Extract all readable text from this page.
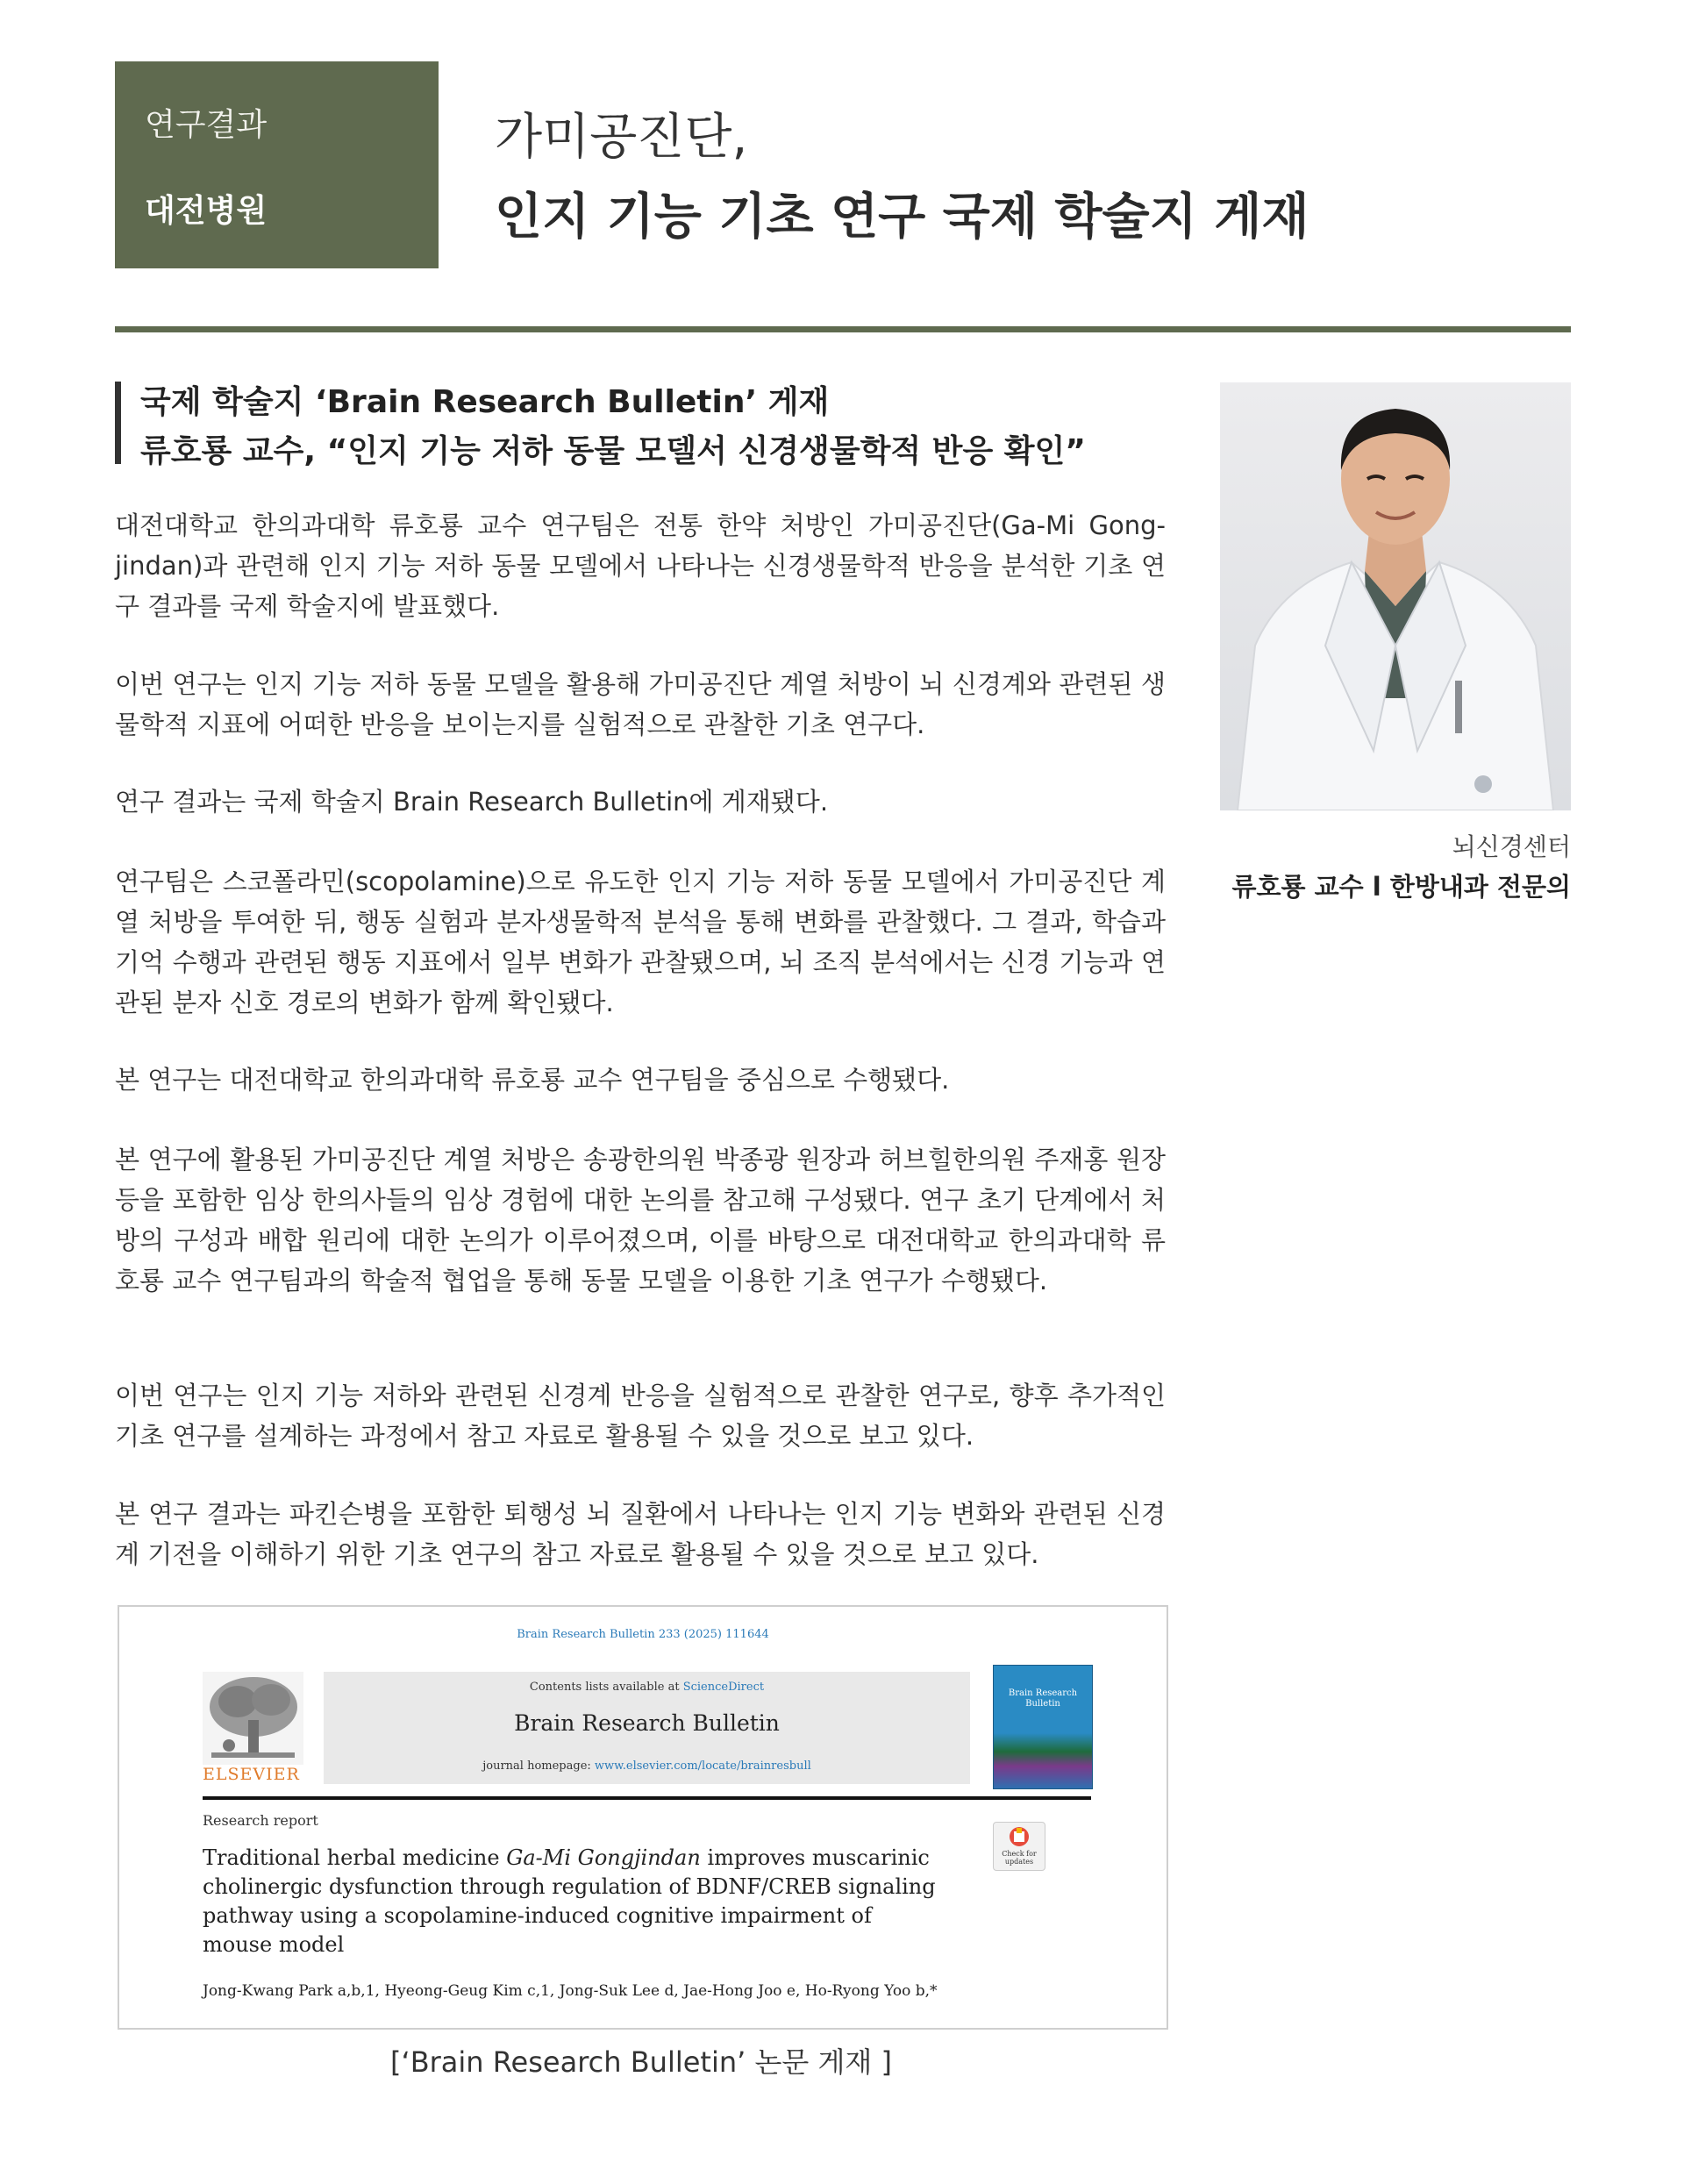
연구결과
대전병원
가미공진단,
인지 기능 기초 연구 국제 학술지 게재
국제 학술지 ‘Brain Research Bulletin’ 게재
류호룡 교수, “인지 기능 저하 동물 모델서 신경생물학적 반응 확인”
대전대학교 한의과대학 류호룡 교수 연구팀은 전통 한약 처방인 가미공진단(Ga-Mi Gong-jindan)과 관련해 인지 기능 저하 동물 모델에서 나타나는 신경생물학적 반응을 분석한 기초 연구 결과를 국제 학술지에 발표했다.
이번 연구는 인지 기능 저하 동물 모델을 활용해 가미공진단 계열 처방이 뇌 신경계와 관련된 생물학적 지표에 어떠한 반응을 보이는지를 실험적으로 관찰한 기초 연구다.
연구 결과는 국제 학술지 Brain Research Bulletin에 게재됐다.
연구팀은 스코폴라민(scopolamine)으로 유도한 인지 기능 저하 동물 모델에서 가미공진단 계열 처방을 투여한 뒤, 행동 실험과 분자생물학적 분석을 통해 변화를 관찰했다. 그 결과, 학습과 기억 수행과 관련된 행동 지표에서 일부 변화가 관찰됐으며, 뇌 조직 분석에서는 신경 기능과 연관된 분자 신호 경로의 변화가 함께 확인됐다.
본 연구는 대전대학교 한의과대학 류호룡 교수 연구팀을 중심으로 수행됐다.
본 연구에 활용된 가미공진단 계열 처방은 송광한의원 박종광 원장과 허브힐한의원 주재홍 원장 등을 포함한 임상 한의사들의 임상 경험에 대한 논의를 참고해 구성됐다. 연구 초기 단계에서 처방의 구성과 배합 원리에 대한 논의가 이루어졌으며, 이를 바탕으로 대전대학교 한의과대학 류호룡 교수 연구팀과의 학술적 협업을 통해 동물 모델을 이용한 기초 연구가 수행됐다.
이번 연구는 인지 기능 저하와 관련된 신경계 반응을 실험적으로 관찰한 연구로, 향후 추가적인 기초 연구를 설계하는 과정에서 참고 자료로 활용될 수 있을 것으로 보고 있다.
본 연구 결과는 파킨슨병을 포함한 퇴행성 뇌 질환에서 나타나는 인지 기능 변화와 관련된 신경계 기전을 이해하기 위한 기초 연구의 참고 자료로 활용될 수 있을 것으로 보고 있다.
뇌신경센터
류호룡 교수 l 한방내과 전문의
Brain Research Bulletin 233 (2025) 111644
ELSEVIER
Contents lists available at ScienceDirect
Brain Research Bulletin
journal homepage: www.elsevier.com/locate/brainresbull
Brain Research Bulletin
Research report
Check for updates
Traditional herbal medicine Ga-Mi Gongjindan improves muscarinic cholinergic dysfunction through regulation of BDNF/CREB signaling pathway using a scopolamine-induced cognitive impairment of mouse model
Jong-Kwang Park a,b,1, Hyeong-Geug Kim c,1, Jong-Suk Lee d, Jae-Hong Joo e, Ho-Ryong Yoo b,*
[‘Brain Research Bulletin’ 논문 게재 ]
